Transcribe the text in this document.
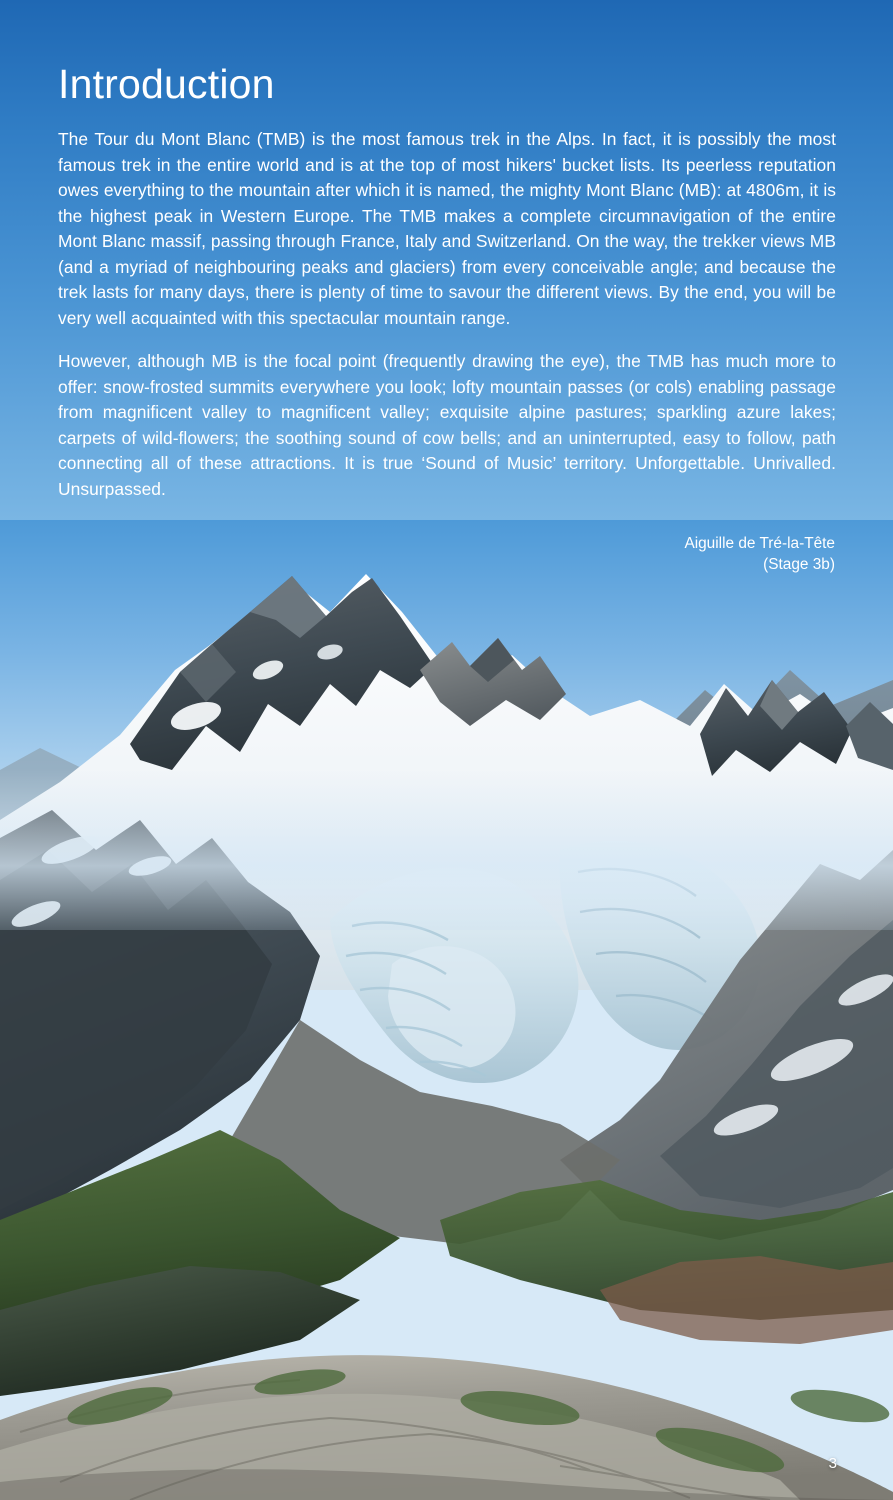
Introduction

The Tour du Mont Blanc (TMB) is the most famous trek in the Alps. In fact, it is possibly the most famous trek in the entire world and is at the top of most hikers' bucket lists. Its peerless reputation owes everything to the mountain after which it is named, the mighty Mont Blanc (MB): at 4806m, it is the highest peak in Western Europe. The TMB makes a complete circumnavigation of the entire Mont Blanc massif, passing through France, Italy and Switzerland. On the way, the trekker views MB (and a myriad of neighbouring peaks and glaciers) from every conceivable angle; and because the trek lasts for many days, there is plenty of time to savour the different views. By the end, you will be very well acquainted with this spectacular mountain range.

However, although MB is the focal point (frequently drawing the eye), the TMB has much more to offer: snow-frosted summits everywhere you look; lofty mountain passes (or cols) enabling passage from magnificent valley to magnificent valley; exquisite alpine pastures; sparkling azure lakes; carpets of wild-flowers; the soothing sound of cow bells; and an uninterrupted, easy to follow, path connecting all of these attractions. It is true ‘Sound of Music’ territory. Unforgettable. Unrivalled. Unsurpassed.

Aiguille de Tré-la-Tête
(Stage 3b)
3
